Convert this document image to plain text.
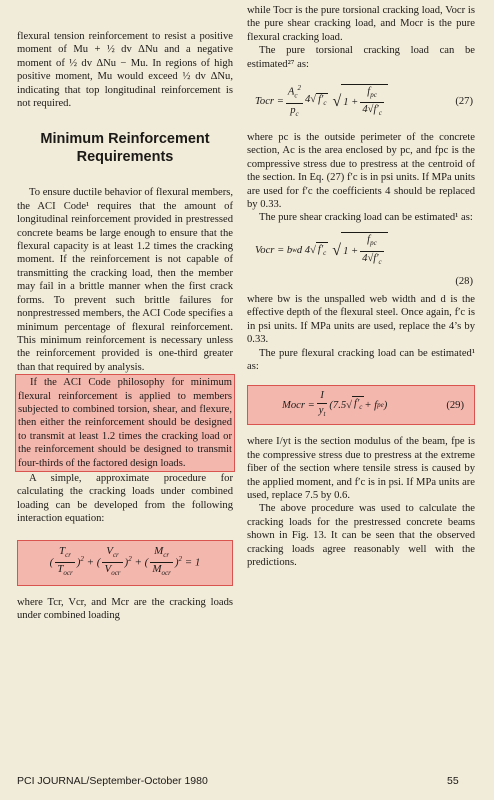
flexural tension reinforcement to resist a positive moment of Mu + ½ dv ΔNu and a negative moment of ½ dv ΔNu − Mu. In regions of high positive moment, Mu would exceed ½ dv ΔNu, indicating that top longitudinal reinforcement is not required.

Minimum Reinforcement Requirements

To ensure ductile behavior of flexural members, the ACI Code¹ requires that the amount of longitudinal reinforcement provided in prestressed concrete beams be large enough to ensure that the flexural capacity is at least 1.2 times the cracking moment. If the reinforcement is not capable of transmitting the cracking load, then the member may fail in a brittle manner when the first crack forms. To prevent such brittle failures for nonprestressed members, the ACI Code specifies a minimum percentage of flexural reinforcement. This minimum reinforcement is necessary unless the reinforcement provided is one-third greater than that required by analysis.

If the ACI Code philosophy for minimum flexural reinforcement is applied to members subjected to combined torsion, shear, and flexure, then either the reinforcement should be designed to transmit at least 1.2 times the cracking load or the reinforcement should be designed to transmit four-thirds of the factored design loads.

A simple, approximate procedure for calculating the cracking loads under combined loading can be developed from the following interaction equation:

( $\frac{T_{cr}}{T_{ocr}} )^2$ + ( $\frac{V_{cr}}{V_{ocr}} )^2$ + ( $\frac{M_{cr}}{M_{ocr}} )^2 = 1$

where Tcr, Vcr, and Mcr are the cracking loads under combined loading

while Tocr is the pure torsional cracking load, Vocr is the pure shear cracking load, and Mocr is the pure flexural cracking load.

The pure torsional cracking load can be estimated²⁷ as:

Tocr = $\frac{A_c^2}{p_c} 4√$ $f'_c$ √ $1 + \frac{f_{pc}}{4√f'_c}$	(27)

where pc is the outside perimeter of the concrete section, Ac is the area enclosed by pc, and fpc is the compressive stress due to prestress at the centroid of the section. In Eq. (27) f′c is in psi units. If MPa units are used for f′c the coefficients 4 should be replaced by 0.33.

The pure shear cracking load can be estimated¹ as:

Vocr = b w d 4√ $f'_c$ √ $1 + \frac{f_{pc}}{4√f'_c}$
(28)

where bw is the unspalled web width and d is the effective depth of the flexural steel. Once again, f′c is in psi units. If MPa units are used, replace the 4’s by 0.33.

The pure flexural cracking load can be estimated¹ as:

Mocr = $\frac{I}{y_t} (7.5√$ $f'_c + f$ pe )	(29)

where I/yt is the section modulus of the beam, fpe is the compressive stress due to prestress at the extreme fiber of the section where tensile stress is caused by the applied moment, and f′c is in psi. If MPa units are used, replace 7.5 by 0.6.

The above procedure was used to calculate the cracking loads for the prestressed concrete beams shown in Fig. 13. It can be seen that the observed cracking loads agree reasonably well with the predictions.

PCI JOURNAL/September-October 1980	55
